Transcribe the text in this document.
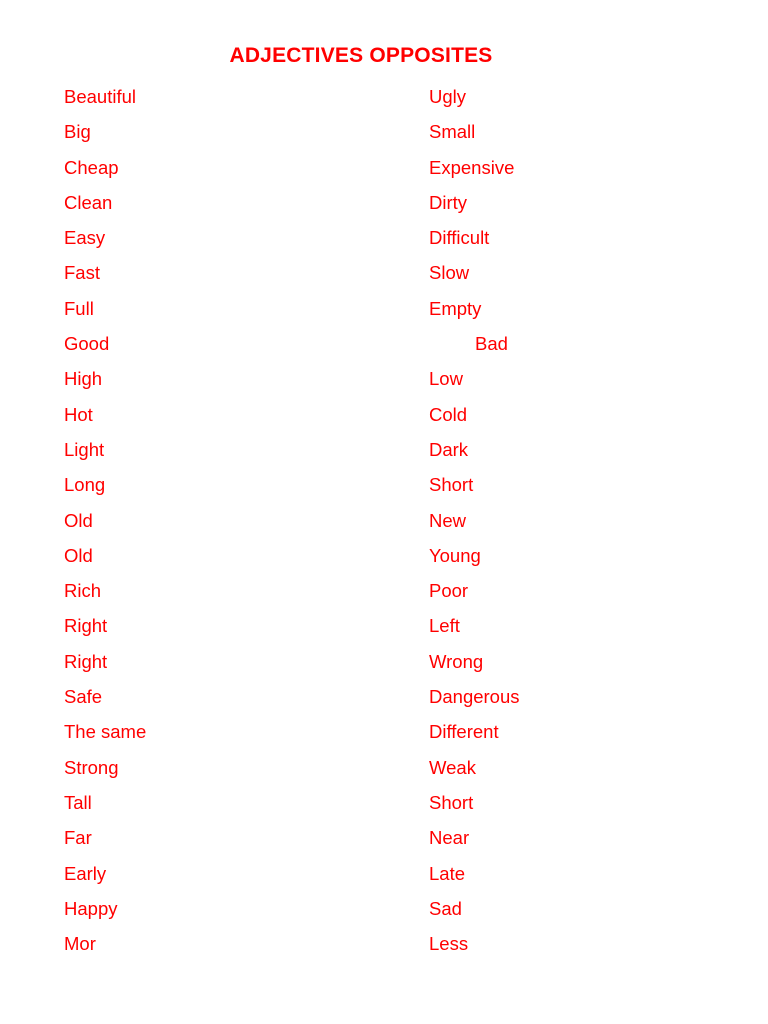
ADJECTIVES OPPOSITES
Beautiful	Ugly
Big	Small
Cheap	Expensive
Clean	Dirty
Easy	Difficult
Fast	Slow
Full	Empty
Good	Bad
High	Low
Hot	Cold
Light	Dark
Long	Short
Old	New
Old	Young
Rich	Poor
Right	Left
Right	Wrong
Safe	Dangerous
The same	Different
Strong	Weak
Tall	Short
Far	Near
Early	Late
Happy	Sad
Mor	Less
